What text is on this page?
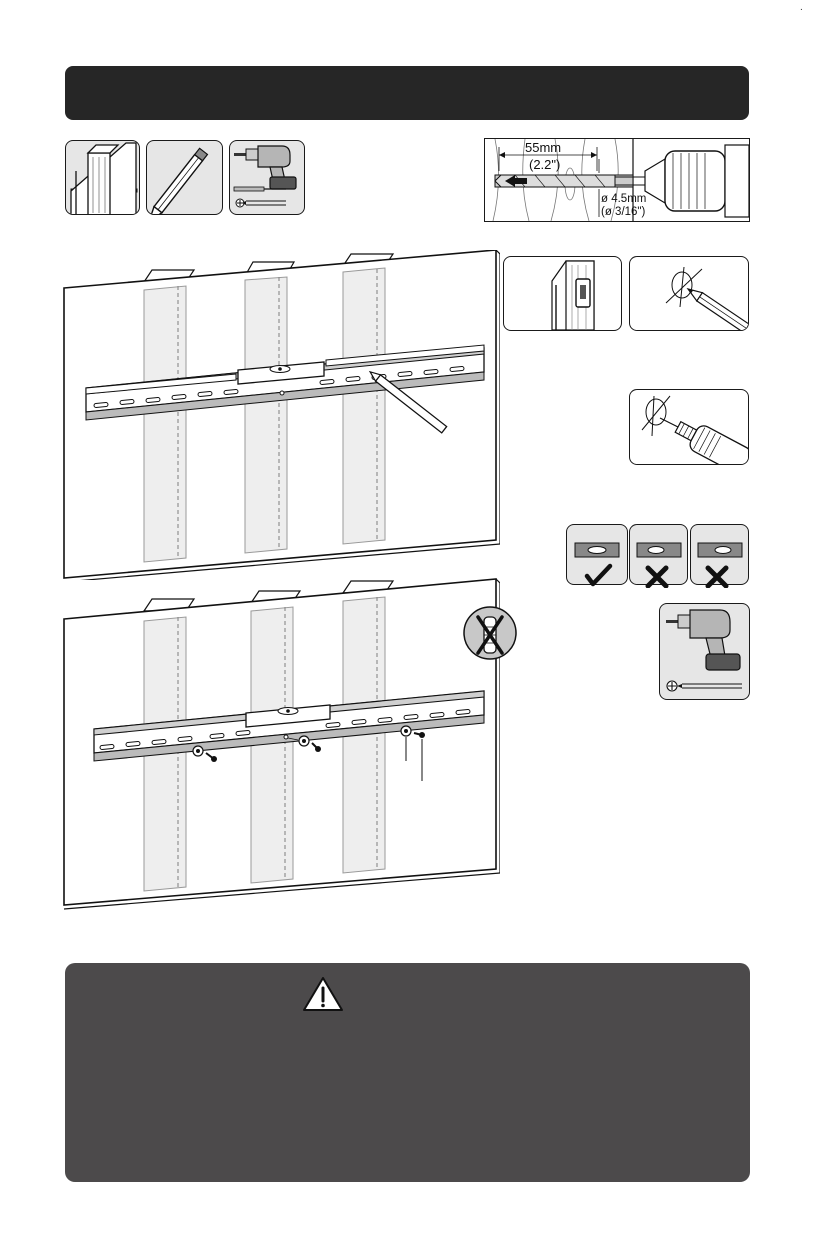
.
55mm
(2.2")
ø 4.5mm
(ø 3/16")
